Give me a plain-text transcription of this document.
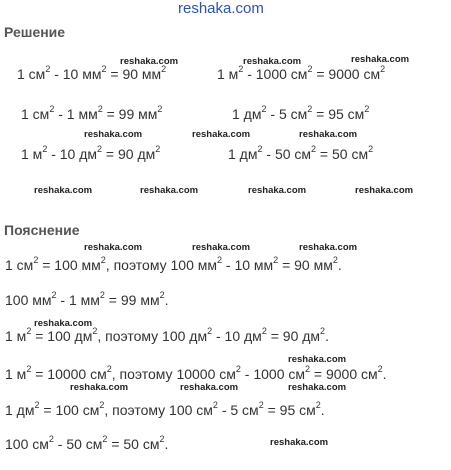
reshaka.com
Решение
1 $см^2 - 10$ $мм^2 = 90$ $мм^2$	1 $м^2 - 1000$ $см^2 = 9000$ $см^2$
1 $см^2 - 1$ $мм^2 = 99$ $мм^2$	1 $дм^2 - 5$ $см^2 = 95$ $см^2$
1 $м^2 - 10$ $дм^2 = 90$ $дм^2$	1 $дм^2 - 50$ $см^2 = 50$ $см^2$
Пояснение
1 $см^2 = 100$ $мм^2$, поэтому 100 $мм^2 - 10$ $мм^2 = 90$ $мм^2$.
100 $мм^2 - 1$ $мм^2 = 99$ $мм^2$.
1 $м^2 = 100$ $дм^2$, поэтому 100 $дм^2 - 10$ $дм^2 = 90$ $дм^2$.
1 $м^2 = 10000$ $см^2$, поэтому 10000 $см^2 - 1000$ $см^2 = 9000$ $см^2$.
1 $дм^2 = 100$ $см^2$, поэтому 100 $см^2 - 5$ $см^2 = 95$ $см^2$.
100 $см^2 - 50$ $см^2 = 50$ $см^2$.
reshaka.com	reshaka.com	reshaka.com
reshaka.com	reshaka.com	reshaka.com
reshaka.com	reshaka.com	reshaka.com	reshaka.com
reshaka.com	reshaka.com	reshaka.com
reshaka.com
reshaka.com
reshaka.com	reshaka.com	reshaka.com
reshaka.com
